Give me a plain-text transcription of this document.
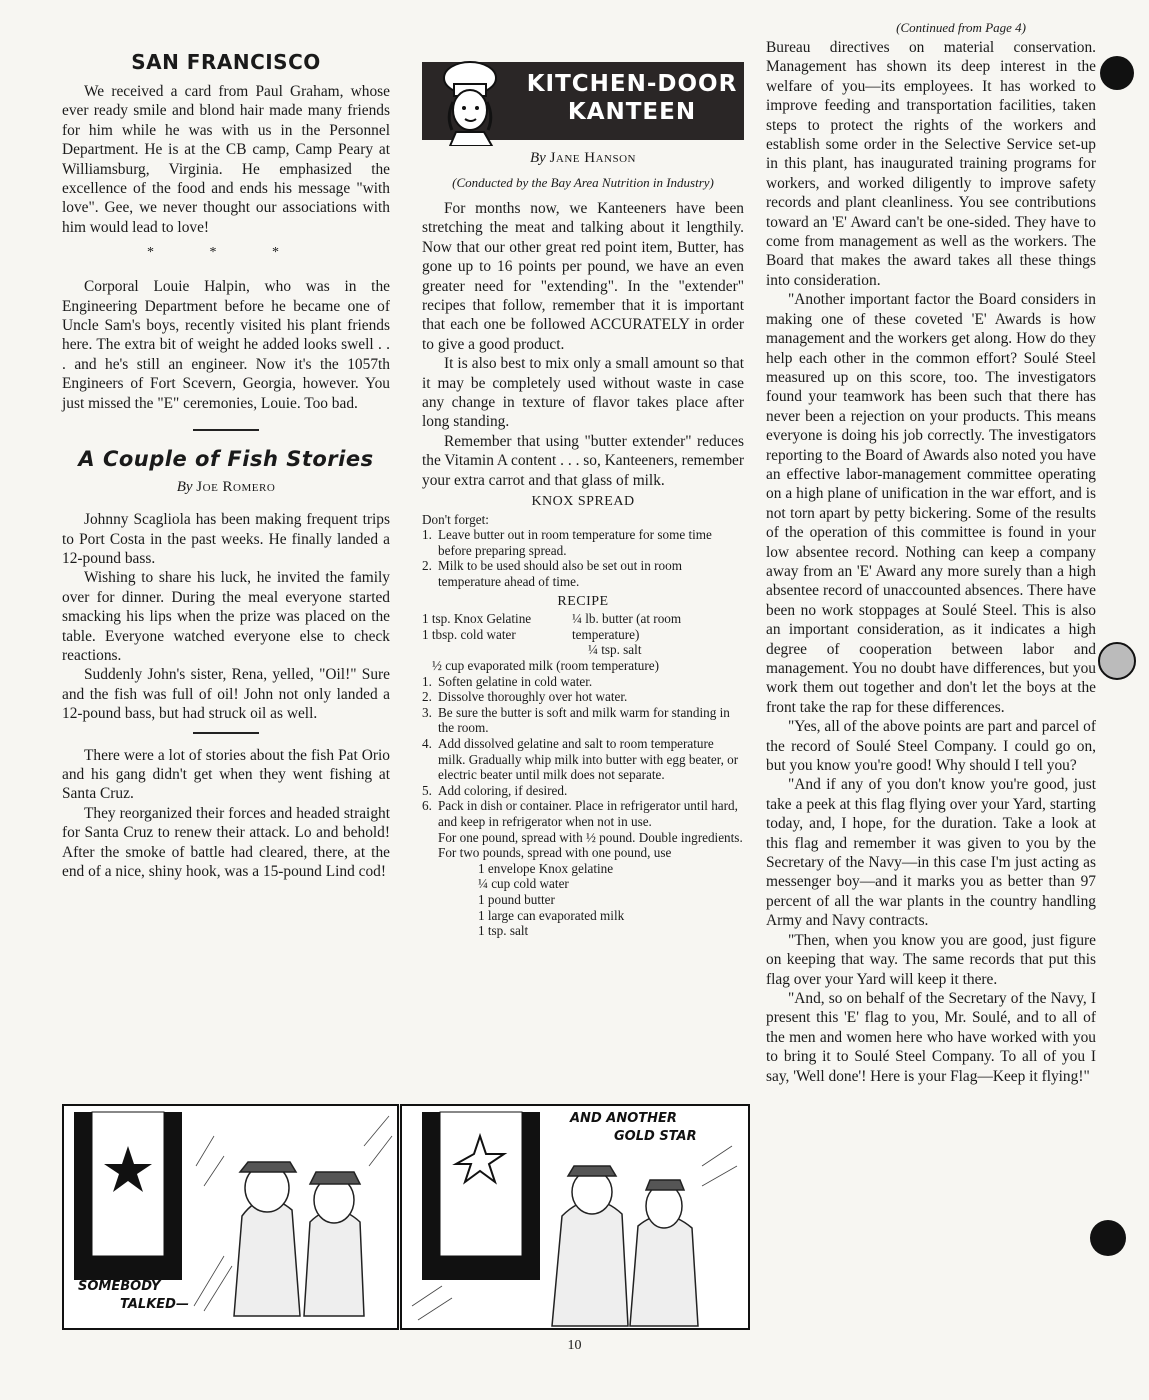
SAN FRANCISCO

We received a card from Paul Graham, whose ever ready smile and blond hair made many friends for him while he was with us in the Personnel Department. He is at the CB camp, Camp Peary at Williamsburg, Virginia. He emphasized the excellence of the food and ends his message "with love". Gee, we never thought our associations with him would lead to love!

* * *

Corporal Louie Halpin, who was in the Engineering Department before he became one of Uncle Sam's boys, recently visited his plant friends here. The extra bit of weight he added looks swell . . . and he's still an engineer. Now it's the 1057th Engineers of Fort Scevern, Georgia, however. You just missed the "E" ceremonies, Louie. Too bad.

A Couple of Fish Stories
By Joe Romero

Johnny Scagliola has been making frequent trips to Port Costa in the past weeks. He finally landed a 12-pound bass.

Wishing to share his luck, he invited the family over for dinner. During the meal everyone started smacking his lips when the prize was placed on the table. Everyone watched everyone else to check reactions.

Suddenly John's sister, Rena, yelled, "Oil!" Sure and the fish was full of oil! John not only landed a 12-pound bass, but had struck oil as well.

There were a lot of stories about the fish Pat Orio and his gang didn't get when they went fishing at Santa Cruz.

They reorganized their forces and headed straight for Santa Cruz to renew their attack. Lo and behold! After the smoke of battle had cleared, there, at the end of a nice, shiny hook, was a 15-pound Lind cod!

KITCHEN-DOOR
KANTEEN
By Jane Hanson
(Conducted by the Bay Area Nutrition in Industry)

For months now, we Kanteeners have been stretching the meat and talking about it lengthily. Now that our other great red point item, Butter, has gone up to 16 points per pound, we have an even greater need for "extending". In the "extender" recipes that follow, remember that it is important that each one be followed ACCURATELY in order to give a good product.

It is also best to mix only a small amount so that it may be completely used without waste in case any change in texture of flavor takes place after long standing.

Remember that using "butter extender" reduces the Vitamin A content . . . so, Kanteeners, remember your extra carrot and that glass of milk.

KNOX SPREAD
Don't forget:
1. Leave butter out in room temperature for some time before preparing spread.
2. Milk to be used should also be set out in room temperature ahead of time.
RECIPE
1 tsp. Knox Gelatine
1 tbsp. cold water
¼ lb. butter (at room temperature)
¼ tsp. salt
½ cup evaporated milk (room temperature)
1. Soften gelatine in cold water.
2. Dissolve thoroughly over hot water.
3. Be sure the butter is soft and milk warm for standing in the room.
4. Add dissolved gelatine and salt to room temperature milk. Gradually whip milk into butter with egg beater, or electric beater until milk does not separate.
5. Add coloring, if desired.
6. Pack in dish or container. Place in refrigerator until hard, and keep in refrigerator when not in use.
For one pound, spread with ½ pound. Double ingredients.
For two pounds, spread with one pound, use
1 envelope Knox gelatine
¼ cup cold water
1 pound butter
1 large can evaporated milk
1 tsp. salt
(Continued from Page 4)

Bureau directives on material conservation. Management has shown its deep interest in the welfare of you—its employees. It has worked to improve feeding and transportation facilities, taken steps to protect the rights of the workers and establish some order in the Selective Service set-up in this plant, has inaugurated training programs for workers, and worked diligently to improve safety records and plant cleanliness. You see contributions toward an 'E' Award can't be one-sided. They have to come from management as well as the workers. The Board that makes the award takes all these things into consideration.

"Another important factor the Board considers in making one of these coveted 'E' Awards is how management and the workers get along. How do they help each other in the common effort? Soulé Steel measured up on this score, too. The investigators found your teamwork has been such that there has never been a rejection on your products. This means everyone is doing his job correctly. The investigators reporting to the Board of Awards also noted you have an effective labor-management committee operating on a high plane of unification in the war effort, and is not torn apart by petty bickering. Some of the results of the operation of this committee is found in your low absentee record. Nothing can keep a company away from an 'E' Award any more surely than a high absentee record of unaccounted absences. There have been no work stoppages at Soulé Steel. This is also an important consideration, as it indicates a high degree of cooperation between labor and management. You no doubt have differences, but you work them out together and don't let the boys at the front take the rap for these differences.

"Yes, all of the above points are part and parcel of the record of Soulé Steel Company. I could go on, but you know you're good! Why should I tell you?

"And if any of you don't know you're good, just take a peek at this flag flying over your Yard, starting today, and, I hope, for the duration. Take a look at this flag and remember it was given to you by the Secretary of the Navy—in this case I'm just acting as messenger boy—and it marks you as better than 97 percent of all the war plants in the country handling Army and Navy contracts.

"Then, when you know you are good, just figure on keeping that way. The same records that put this flag over your Yard will keep it there.

"And, so on behalf of the Secretary of the Navy, I present this 'E' flag to you, Mr. Soulé, and to all of the men and women here who have worked with you to bring it to Soulé Steel Company. To all of you I say, 'Well done'! Here is your Flag—Keep it flying!"

SOMEBODY
TALKED—
AND ANOTHER
GOLD STAR
10
